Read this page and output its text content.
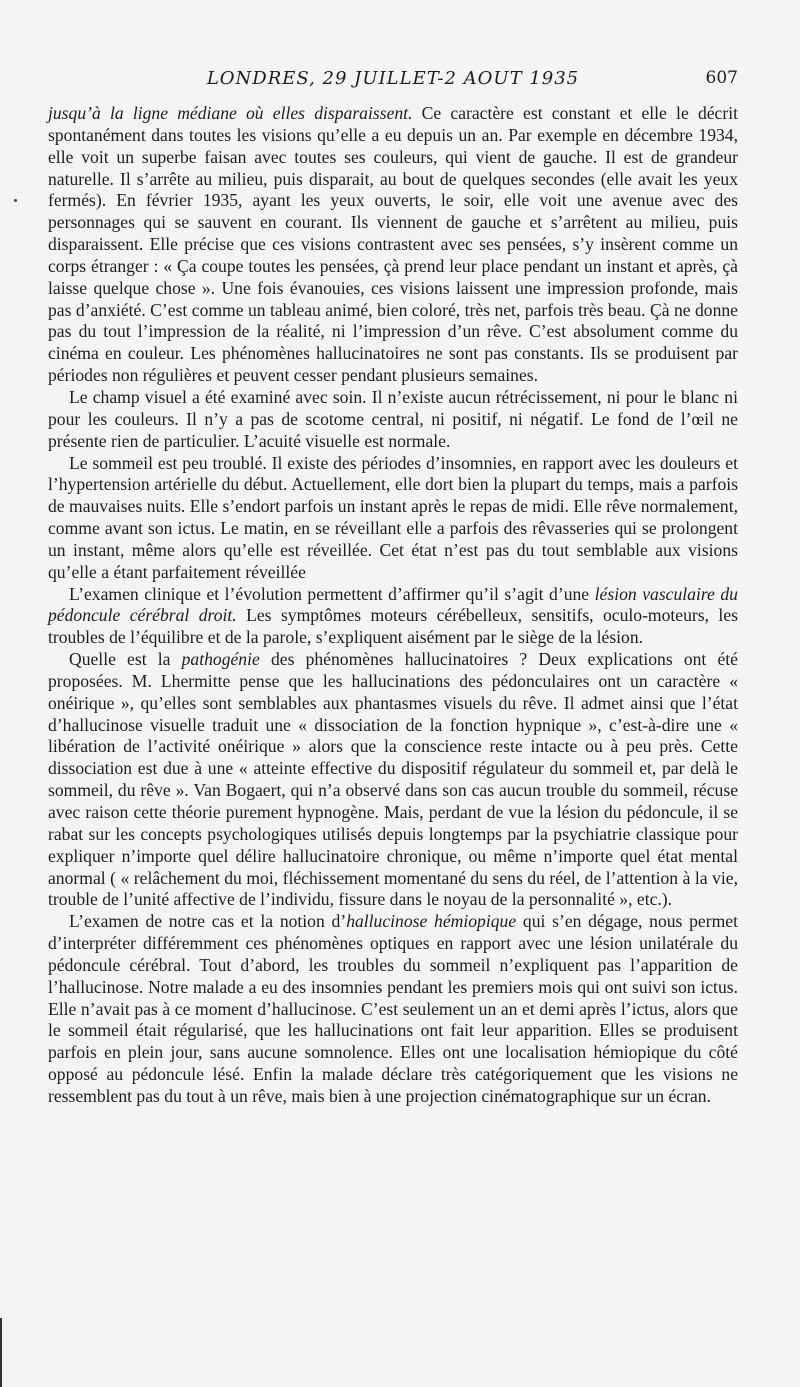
LONDRES, 29 JUILLET-2 AOUT 1935	607

jusqu’à la ligne médiane où elles disparaissent. Ce caractère est constant et elle le décrit spontanément dans toutes les visions qu’elle a eu depuis un an. Par exemple en décembre 1934, elle voit un superbe faisan avec toutes ses couleurs, qui vient de gauche. Il est de grandeur naturelle. Il s’arrête au milieu, puis disparait, au bout de quelques secondes (elle avait les yeux fermés). En février 1935, ayant les yeux ouverts, le soir, elle voit une avenue avec des personnages qui se sauvent en courant. Ils viennent de gauche et s’arrêtent au milieu, puis disparaissent. Elle précise que ces visions contrastent avec ses pensées, s’y insèrent comme un corps étranger : « Ça coupe toutes les pensées, çà prend leur place pendant un instant et après, çà laisse quelque chose ». Une fois évanouies, ces visions laissent une impression profonde, mais pas d’anxiété. C’est comme un tableau animé, bien coloré, très net, parfois très beau. Çà ne donne pas du tout l’impression de la réalité, ni l’impression d’un rêve. C’est absolument comme du cinéma en couleur. Les phénomènes hallucinatoires ne sont pas constants. Ils se produisent par périodes non régulières et peuvent cesser pendant plusieurs semaines.

Le champ visuel a été examiné avec soin. Il n’existe aucun rétrécissement, ni pour le blanc ni pour les couleurs. Il n’y a pas de scotome central, ni positif, ni négatif. Le fond de l’œil ne présente rien de particulier. L’acuité visuelle est normale.

Le sommeil est peu troublé. Il existe des périodes d’insomnies, en rapport avec les douleurs et l’hypertension artérielle du début. Actuellement, elle dort bien la plupart du temps, mais a parfois de mauvaises nuits. Elle s’endort parfois un instant après le repas de midi. Elle rêve normalement, comme avant son ictus. Le matin, en se réveillant elle a parfois des rêvasseries qui se prolongent un instant, même alors qu’elle est réveillée. Cet état n’est pas du tout semblable aux visions qu’elle a étant parfaitement réveillée

L’examen clinique et l’évolution permettent d’affirmer qu’il s’agit d’une lésion vasculaire du pédoncule cérébral droit. Les symptômes moteurs cérébelleux, sensitifs, oculo-moteurs, les troubles de l’équilibre et de la parole, s’expliquent aisément par le siège de la lésion.

Quelle est la pathogénie des phénomènes hallucinatoires ? Deux explications ont été proposées. M. Lhermitte pense que les hallucinations des pédonculaires ont un caractère « onéirique », qu’elles sont semblables aux phantasmes visuels du rêve. Il admet ainsi que l’état d’hallucinose visuelle traduit une « dissociation de la fonction hypnique », c’est-à-dire une « libération de l’activité onéirique » alors que la conscience reste intacte ou à peu près. Cette dissociation est due à une « atteinte effective du dispositif régulateur du sommeil et, par delà le sommeil, du rêve ». Van Bogaert, qui n’a observé dans son cas aucun trouble du sommeil, récuse avec raison cette théorie purement hypnogène. Mais, perdant de vue la lésion du pédoncule, il se rabat sur les concepts psychologiques utilisés depuis longtemps par la psychiatrie classique pour expliquer n’importe quel délire hallucinatoire chronique, ou même n’importe quel état mental anormal ( « relâchement du moi, fléchissement momentané du sens du réel, de l’attention à la vie, trouble de l’unité affective de l’individu, fissure dans le noyau de la personnalité », etc.).

L’examen de notre cas et la notion d’hallucinose hémiopique qui s’en dégage, nous permet d’interpréter différemment ces phénomènes optiques en rapport avec une lésion unilatérale du pédoncule cérébral. Tout d’abord, les troubles du sommeil n’expliquent pas l’apparition de l’hallucinose. Notre malade a eu des insomnies pendant les premiers mois qui ont suivi son ictus. Elle n’avait pas à ce moment d’hallucinose. C’est seulement un an et demi après l’ictus, alors que le sommeil était régularisé, que les hallucinations ont fait leur apparition. Elles se produisent parfois en plein jour, sans aucune somnolence. Elles ont une localisation hémiopique du côté opposé au pédoncule lésé. Enfin la malade déclare très catégoriquement que les visions ne ressemblent pas du tout à un rêve, mais bien à une projection cinématographique sur un écran.
